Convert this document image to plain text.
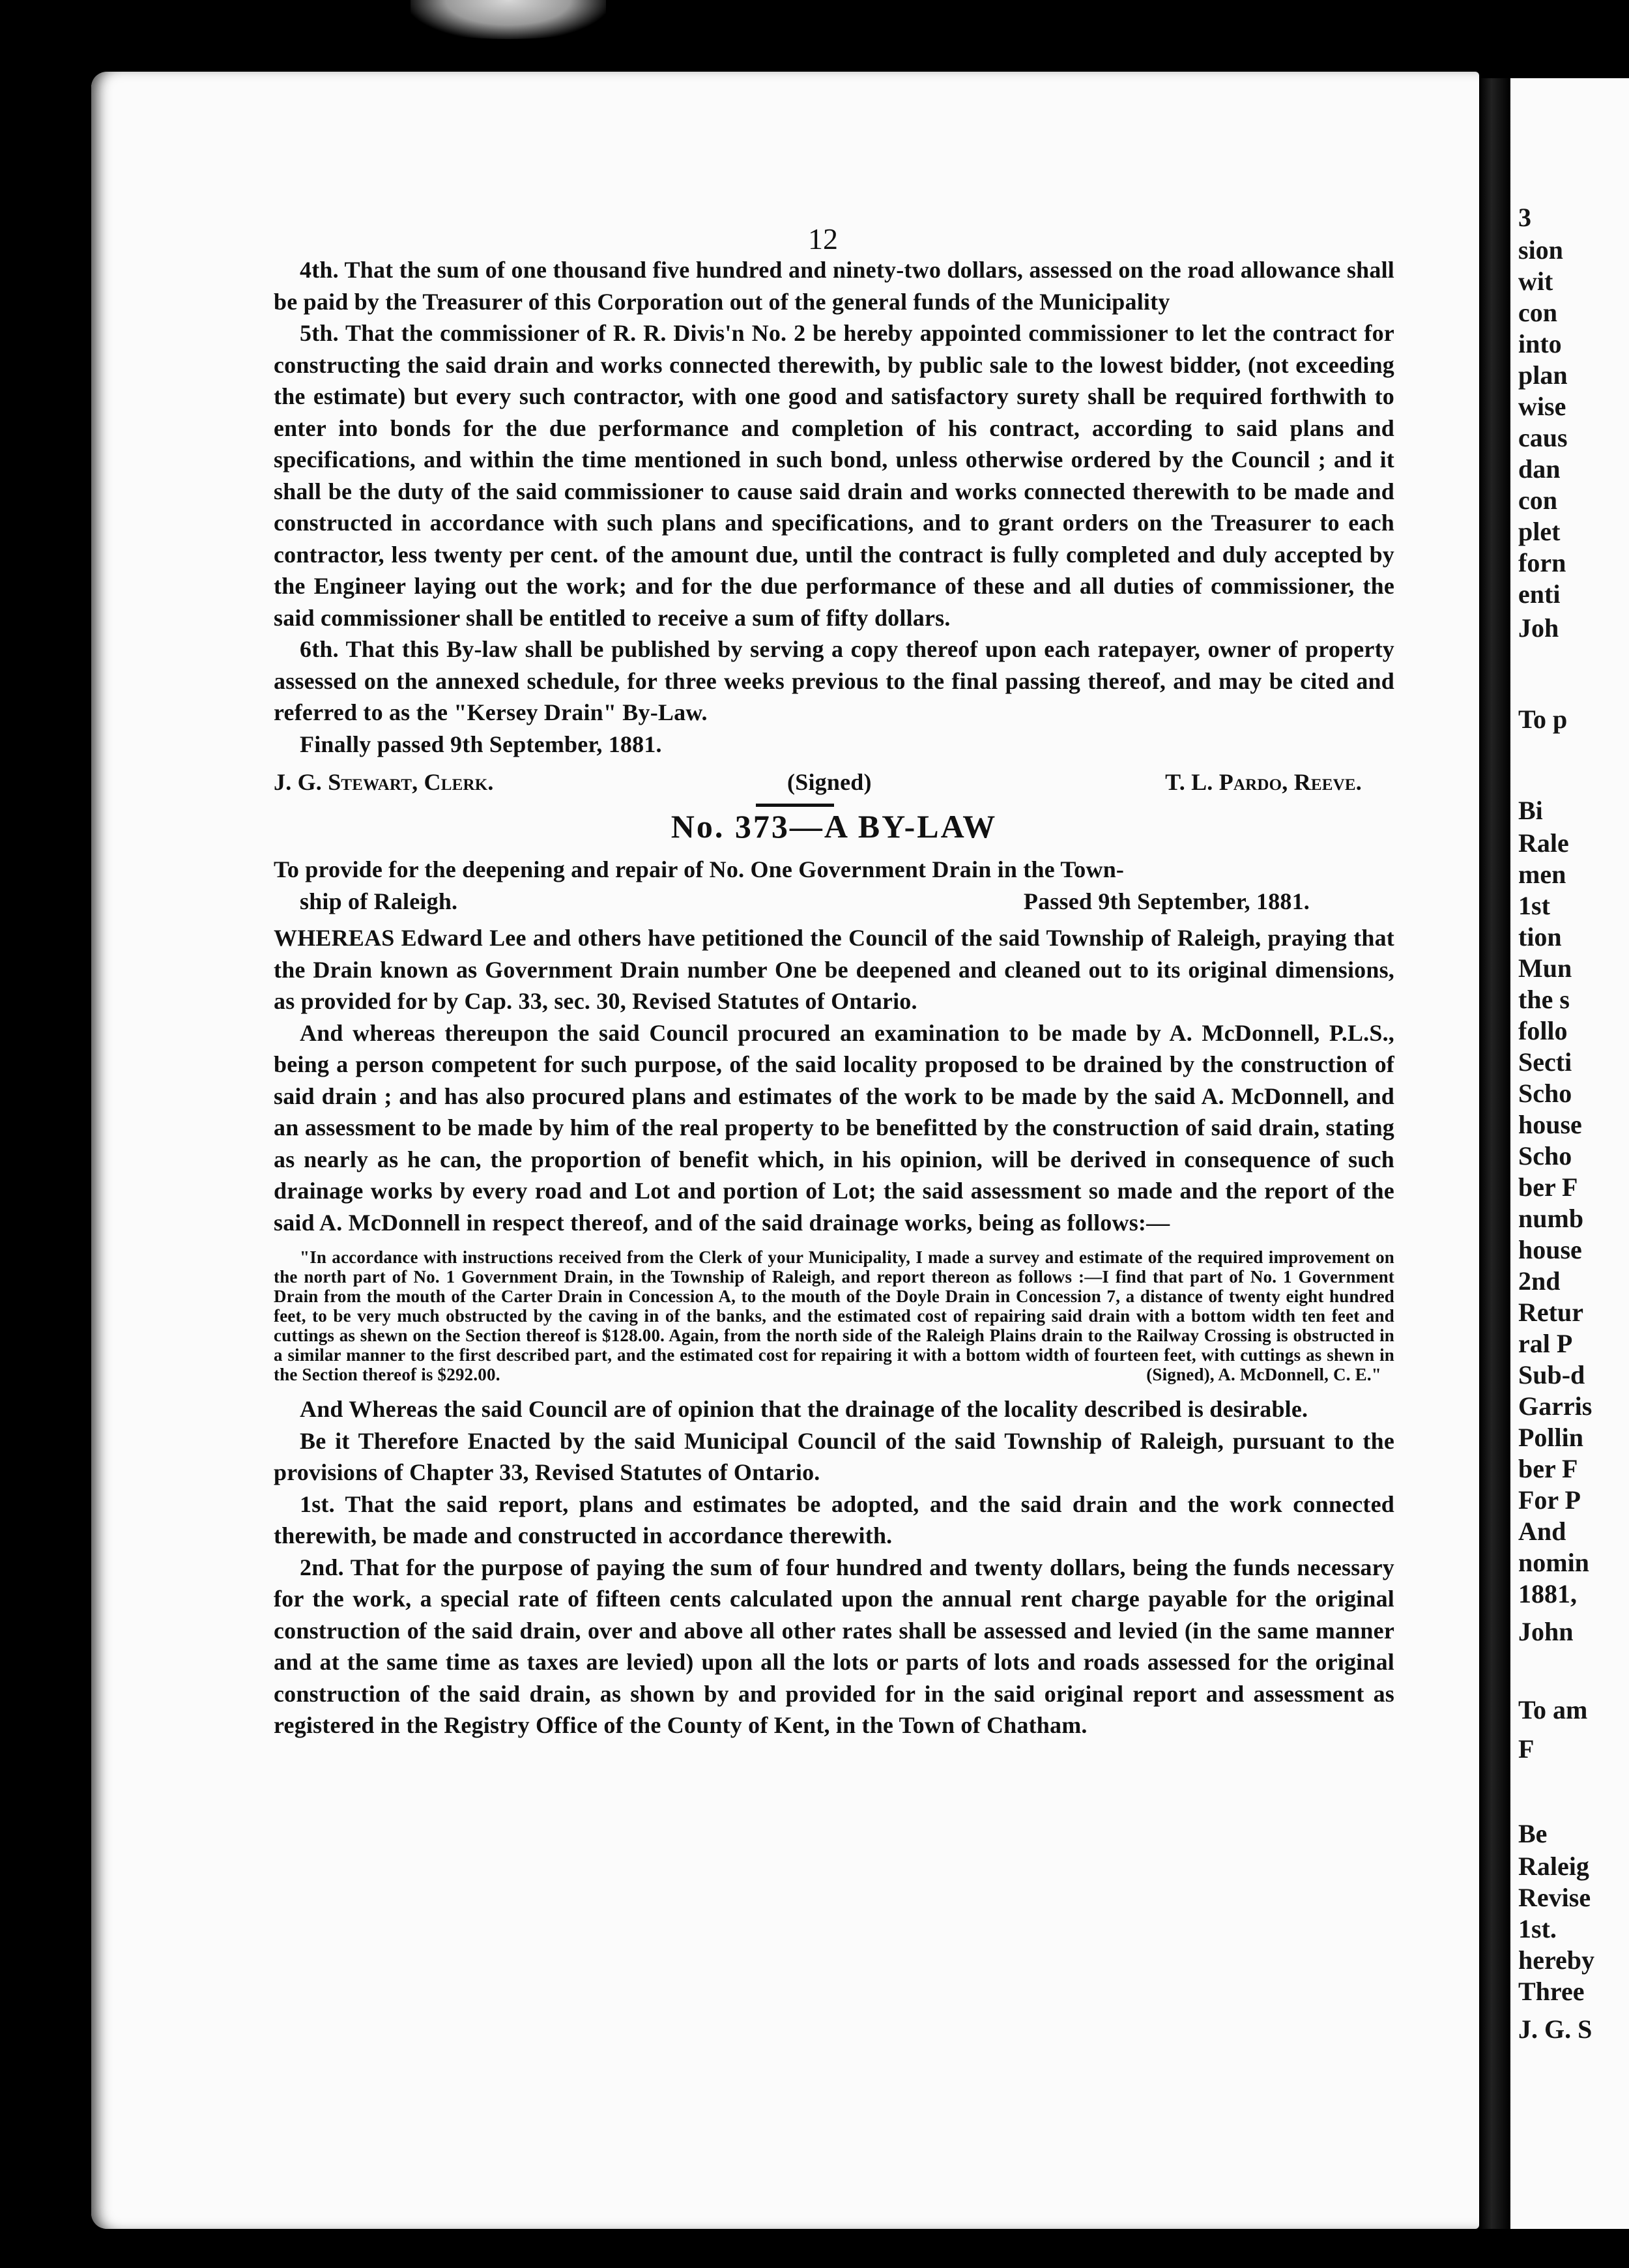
3
sion
wit
con
into
plan
wise
caus
dan
con
plet
forn
enti
Joh
To p
Bi
Rale
men
1st
tion
Mun
the s
follo
Secti
Scho
house
Scho
ber F
numb
house
2nd
Retur
ral P
Sub-d
Garris
Pollin
ber F
For P
And
nomin
1881,
John
To am
F
Be
Raleig
Revise
1st.
hereby
Three
J. G. S
12

4th. That the sum of one thousand five hundred and ninety-two dollars, assessed on the road allowance shall be paid by the Treasurer of this Corporation out of the general funds of the Municipality

5th. That the commissioner of R. R. Divis'n No. 2 be hereby appointed commissioner to let the contract for constructing the said drain and works connected therewith, by public sale to the lowest bidder, (not exceeding the estimate) but every such contractor, with one good and satisfactory surety shall be required forthwith to enter into bonds for the due performance and completion of his contract, according to said plans and specifications, and within the time mentioned in such bond, unless otherwise ordered by the Council ; and it shall be the duty of the said commissioner to cause said drain and works connected therewith to be made and constructed in accordance with such plans and specifications, and to grant orders on the Treasurer to each contractor, less twenty per cent. of the amount due, until the contract is fully completed and duly accepted by the Engineer laying out the work; and for the due performance of these and all duties of commissioner, the said commissioner shall be entitled to receive a sum of fifty dollars.

6th. That this By-law shall be published by serving a copy thereof upon each ratepayer, owner of property assessed on the annexed schedule, for three weeks previous to the final passing thereof, and may be cited and referred to as the "Kersey Drain" By-Law.

Finally passed 9th September, 1881.

J. G. Stewart, Clerk.	(Signed)	T. L. Pardo, Reeve.
No. 373—A BY-LAW

To provide for the deepening and repair of No. One Government Drain in the Town-

ship of Raleigh.	Passed 9th September, 1881.

WHEREAS Edward Lee and others have petitioned the Council of the said Township of Raleigh, praying that the Drain known as Government Drain number One be deepened and cleaned out to its original dimensions, as provided for by Cap. 33, sec. 30, Revised Statutes of Ontario.

And whereas thereupon the said Council procured an examination to be made by A. McDonnell, P.L.S., being a person competent for such purpose, of the said locality proposed to be drained by the construction of said drain ; and has also procured plans and estimates of the work to be made by the said A. McDonnell, and an assessment to be made by him of the real property to be benefitted by the construction of said drain, stating as nearly as he can, the proportion of benefit which, in his opinion, will be derived in consequence of such drainage works by every road and Lot and portion of Lot; the said assessment so made and the report of the said A. McDonnell in respect thereof, and of the said drainage works, being as follows:—

"In accordance with instructions received from the Clerk of your Municipality, I made a survey and estimate of the required improvement on the north part of No. 1 Government Drain, in the Township of Raleigh, and report thereon as follows :—I find that part of No. 1 Government Drain from the mouth of the Carter Drain in Concession A, to the mouth of the Doyle Drain in Concession 7, a distance of twenty eight hundred feet, to be very much obstructed by the caving in of the banks, and the estimated cost of repairing said drain with a bottom width ten feet and cuttings as shewn on the Section thereof is $128.00. Again, from the north side of the Raleigh Plains drain to the Railway Crossing is obstructed in a similar manner to the first described part, and the estimated cost for repairing it with a bottom width of fourteen feet, with cuttings as shewn in the Section thereof is $292.00.	(Signed), A. McDonnell, C. E."

And Whereas the said Council are of opinion that the drainage of the locality described is desirable.

Be it Therefore Enacted by the said Municipal Council of the said Township of Raleigh, pursuant to the provisions of Chapter 33, Revised Statutes of Ontario.

1st. That the said report, plans and estimates be adopted, and the said drain and the work connected therewith, be made and constructed in accordance therewith.

2nd. That for the purpose of paying the sum of four hundred and twenty dollars, being the funds necessary for the work, a special rate of fifteen cents calculated upon the annual rent charge payable for the original construction of the said drain, over and above all other rates shall be assessed and levied (in the same manner and at the same time as taxes are levied) upon all the lots or parts of lots and roads assessed for the original construction of the said drain, as shown by and provided for in the said original report and assessment as registered in the Registry Office of the County of Kent, in the Town of Chatham.
